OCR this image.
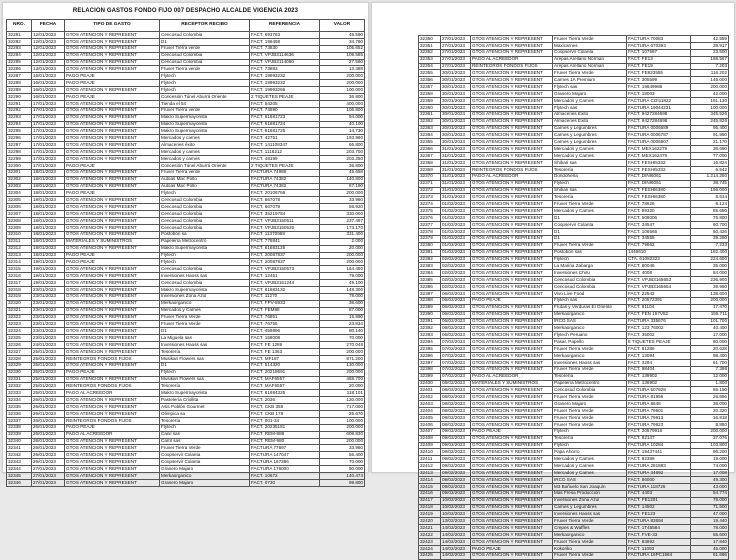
RELACION GASTOS FONDO FIJO 007 DESPACHO ALCALDE VIGENCIA 2023
NRO.	FECHA	TIPO DE GASTO	RECEPTOR RECIBO	REFERENCIA	VALOR
32281	12/01/2023	GTOS ATENCION Y REPRESENT	Cencosud Colombia	FACT. 693763	45.590
32282	12/01/2023	GTOS ATENCION Y REPRESENT	D1	FACT. 196458	34.760
32283	12/01/2023	GTOS ATENCION Y REPRESENT	Fruver Tierra verde	FACT. 73830	105.652
32284	12/01/2023	GTOS ATENCION Y REPRESENT	Cencosud Colombia	FACT. VPJB3114636	109.585
32285	12/01/2023	GTOS ATENCION Y REPRESENT	Cencosud Colombia	FACT. VPJB3114050	27.560
32286	13/01/2023	GTOS ATENCION Y REPRESENT	Fruver Tierra verde	FACT. 73883	13.388
32287	16/01/2023	PAGO PEAJE	Flytech	FACT. 19993232	200.000
32288	16/01/2023	PAGO PEAJE	Flytech	FACT. 19993232	200.000
32289	16/01/2023	GTOS ATENCION Y REPRESENT	Flytech	FACT. 19993266	100.000
32290	16/01/2023	PAGO PEAJE	Concesión Túnel Aburrá Oriente	2 TIQUETES PEAJE	36.800
32291	17/01/2023	GTOS ATENCION Y REPRESENT	Tienda el 54	FACT. 54205	400.000
32292	17/01/2023	GTOS ATENCION Y REPRESENT	Fruver Tierra verde	FACT. 74590	106.800
32293	17/01/2023	GTOS ATENCION Y REPRESENT	Makro Supermayorista	FACT. 61681723	94.000
32294	17/01/2023	GTOS ATENCION Y REPRESENT	Makro Supermayorista	FACT. 61681724	40.100
32295	17/01/2023	GTOS ATENCION Y REPRESENT	Makro Supermayorista	FACT. 61681725	14.730
32296	17/01/2023	GTOS ATENCION Y REPRESENT	Mercados y carnes	FACT. 42751	193.960
32297	17/01/2023	GTOS ATENCION Y REPRESENT	Almacenes éxito	FACT. 141108347	66.800
32298	17/01/2023	GTOS ATENCION Y REPRESENT	Mercados y carnes	FACT. 1118212	203.700
32299	17/01/2023	GTOS ATENCION Y REPRESENT	Mercados y carnes	FACT. 48199	203.250
32300	17/01/2023	PAGO PEAJE	Concesión Túnel Aburrá Oriente	2 TIQUETES PEAJE	36.800
32301	18/01/2023	GTOS ATENCION Y REPRESENT	Fruver Tierra verde	FACTURA 74988	45.658
32302	18/01/2023	GTOS ATENCION Y REPRESENT	Autoas Mac Pollo	FACTURA 74382	140.800
32303	18/01/2023	GTOS ATENCION Y REPRESENT	Autoas Mac Pollo	FACTURA 74382	67.190
32304	18/01/2023	PAGO PEAJE	Flytech	FACT. 20106766	200.000
32305	18/01/2023	GTOS ATENCION Y REPRESENT	Cencosud Colombia	FACT. 667078	33.960
32306	18/01/2023	GTOS ATENCION Y REPRESENT	Cencosud Colombia	FACT. 667079	55.920
32307	18/01/2023	GTOS ATENCION Y REPRESENT	Cencosud Colombia	FACT. 35219784	330.000
32308	18/01/2023	GTOS ATENCION Y REPRESENT	Cencosud Colombia	FACT. VPJB3150511	237.497
32309	18/01/2023	GTOS ATENCION Y REPRESENT	Cencosud Colombia	FACT. VPJB3150530	173.170
32310	18/01/2023	GTOS ATENCION Y REPRESENT	Postobón sa	FACT. 11370969	331.400
32311	18/01/2023	MATERIALES Y SUMINISTROS	Papelería Metrocentro	FACT. 778841	2.000
32312	18/01/2023	GTOS ATENCION Y REPRESENT	Makro Supermayorista	FACT. 61683125	20.000
32313	18/01/2023	PAGO PEAJE	Flytech	FACT. 20087837	200.000
32314	19/01/2023	PAGO PEAJE	Flytech	FACT. 20087837	200.000
32315	19/01/2023	GTOS ATENCION Y REPRESENT	Cencosud Colombia	FACT. VPJB3150573	164.450
32316	19/01/2023	GTOS ATENCION Y REPRESENT	Inversiones Haoss sas	FACT. 12451	79.000
32317	19/01/2023	GTOS ATENCION Y REPRESENT	Cencosud Colombia	FACT. VPJB3151244	49.100
32318	23/01/2023	GTOS ATENCION Y REPRESENT	Makro Supermayorista	FACT. 61683132	148.300
32319	23/01/2023	GTOS ATENCION Y REPRESENT	Inversiones Zona Azul	FACT. 11270	78.000
32320	23/01/2023	GTOS ATENCION Y REPRESENT	Merkaorganico	FACT. FPV-8933	38.600
32321	23/01/2023	GTOS ATENCION Y REPRESENT	Mercados y Carnes	FACT. FEM88	87.000
32322	23/01/2023	GTOS ATENCION Y REPRESENT	Fruver Tierra Verde	FACT. 76851	15.890
32323	23/01/2023	GTOS ATENCION Y REPRESENT	Fruver Tierra Verde	FACT. 76755	23.834
32324	23/01/2023	GTOS ATENCION Y REPRESENT	D1	FACT. 458896	80.140
32325	23/01/2023	GTOS ATENCION Y REPRESENT	La Miguela sas	FACT. 158008	70.000
32326	24/01/2023	GTOS ATENCION Y REPRESENT	Inversiones Haoss sas	FACT. FE 1288	270.048
32327	25/01/2023	GTOS ATENCION Y REPRESENT	Tesorería	FACT. FE 1363	200.000
32328	25/01/2023	REINTEGROS FONDOS FIJOS	Musikari Flowers sas	FACT. MF187	871.200
32329	25/01/2023	GTOS ATENCION Y REPRESENT	D1	FACT. 514320	130.000
32330	25/01/2023	PAGO PEAJE	Flytech	FACT. 20218691	200.000
32331	25/01/2023	GTOS ATENCION Y REPRESENT	Musikari Flowers sas	FACT. MAF6557	468.700
32332	25/01/2023	REINTEGROS FONDOS FIJOS	Tesorería	FACT. MAF6557	20.000
32333	25/01/2023	PAGO AL ACREEDOR	Makro Supermayorista	FACT. 61684325	118.101
32334	26/01/2023	GTOS ATENCION Y REPRESENT	Pastelería Criollita	FACT. 2036	120.000
32335	26/01/2023	GTOS ATENCION Y REPRESENT	Asis Poblón Gourmet	FACT. CKB 358	717.000
32336	26/01/2023	GTOS ATENCION Y REPRESENT	Olimpica sa	FACT. CKB 178	25.670
32337	26/01/2023	REINTEGROS FONDOS FIJOS	Tesorería	FACT. 001-34	100.000
32338	26/01/2023	PAGO PEAJE	Flytech	FACT. 20235181	200.000
32339	26/01/2023	PAGO AL ACREEDOR	Canil sas	FACT. REM-888	608.830
32340	26/01/2023	GTOS ATENCION Y REPRESENT	Carril sas	FACT. REM-980	200.000
32341	26/01/2023	GTOS ATENCION Y REPRESENT	Fruver Tierra Verde	FACTURA 77697	33.960
32342	26/01/2023	GTOS ATENCION Y REPRESENT	Coopservir Colanta	FACTURA 147047	56.400
32343	26/01/2023	GTOS ATENCION Y REPRESENT	Coopservir Colanta	FACTURA 167386	70.000
32344	27/01/2023	GTOS ATENCION Y REPRESENT	Granero Majaro	FACTURA 176000	90.000
32345	27/01/2023	GTOS ATENCION Y REPRESENT	Merkaorganico	FACT. 10672	140.474
32346	27/01/2023	GTOS ATENCION Y REPRESENT	Granero Majaro	FACT. 0730	99.800
32350	27/01/2023	GTOS ATENCION Y REPRESENT	Fruver Tierra Verde	FACTURA 70083	42.559
32351	27/01/2023	GTOS ATENCION Y REPRESENT	Maxicarnes	FACTURA 670393	39.917
32352	27/01/2023	GTOS ATENCION Y REPRESENT	Coopservir Colanta	FACT. 107587	23.500
32353	27/01/2023	PAGO AL ACREEDOR	Arepas Arellano Norman	FACT. FE13	168.567
32354	27/01/2023	REINTEGROS FONDOS FIJOS	Arepas Arellano Norman	FACT. FE19	7.203
32355	30/01/2023	GTOS ATENCION Y REPRESENT	Fruver Tierra Verde	FACT. FE823555	116.202
32356	30/01/2023	GTOS ATENCION Y REPRESENT	Carnes 1A Premium	FACT. 305599	146.000
32357	30/01/2023	GTOS ATENCION Y REPRESENT	Flytech sas	FACT. 19849988	200.000
32358	30/01/2023	GTOS ATENCION Y REPRESENT	Granero Majaro	FACT. 18003	42.000
32359	30/01/2023	GTOS ATENCION Y REPRESENT	Mercados y Carnes	FACTURA COI11822	191.130
32360	30/01/2023	GTOS ATENCION Y REPRESENT	Flytech sas	FACTURA 19044231	100.000
32361	30/01/2023	GTOS ATENCION Y REPRESENT	Almacenes Exito	FACT. 9427284698	345.526
32362	30/01/2023	GTOS ATENCION Y REPRESENT	Almacenes Exito	FACT. 9427284698	245.826
32363	30/01/2023	GTOS ATENCION Y REPRESENT	Carnes y Legumbres	FACTURA 0006689	95.400
32364	30/01/2023	GTOS ATENCION Y REPRESENT	Carnes y Legumbres	FACTURA 0006787	91.950
32365	30/01/2023	GTOS ATENCION Y REPRESENT	Carnes y Legumbres	FACTURA 0006807	21.170
32366	31/01/2023	GTOS ATENCION Y REPRESENT	Mercados y Carnes	FACT. MEX162279	36.690
32367	31/01/2023	GTOS ATENCION Y REPRESENT	Mercados y Carnes	FACT. MEX162479	77.000
32368	31/01/2023	GTOS ATENCION Y REPRESENT	Shibari sas	FACT. FESHI5332	16.824
32369	31/01/2023	REINTEGROS FONDOS FIJOS	Tesorería	FACT. FESHI5332	6.542
32370	31/01/2023	PAGO AL ACREEDOR	Dondoherla	FACT. DINI6061	1.214.250
32371	31/01/2023	GTOS ATENCION Y REPRESENT	Flytech	FACT. DINI6061	38.745
32372	31/01/2023	GTOS ATENCION Y REPRESENT	Shibari sas	FACT. FESHI6380	156.000
32373	31/01/2023	GTOS ATENCION Y REPRESENT	Tesorería	FACT. FESHI6380	8.634
32374	01/02/2023	GTOS ATENCION Y REPRESENT	Fruver Tierra Verde	FACT. 78626	8.124
32375	01/02/2023	GTOS ATENCION Y REPRESENT	Mercados y Carnes	FACT. 99320	55.650
32376	01/02/2023	GTOS ATENCION Y REPRESENT	D1	FACT. 508006	76.800
32377	01/02/2023	GTOS ATENCION Y REPRESENT	Coopservir Colanta	FACT. 34547	60.700
32378	01/02/2023	GTOS ATENCION Y REPRESENT	D1	FACT. 106565	50.426
32379	01/02/2023	GTOS ATENCION Y REPRESENT	D1	FACT. 34555	39.250
32380	01/02/2023	GTOS ATENCION Y REPRESENT	Fruver Tierra Verde	FACT. 79662	7.233
32381	01/02/2023	GTOS ATENCION Y REPRESENT	Postobón sas	1446610	182.400
32382	02/02/2023	GTOS ATENCION Y REPRESENT	Flytech	CTA. 61082323	224.600
32383	02/02/2023	GTOS ATENCION Y REPRESENT	La Marina Zabarga	FACT. 80046	35.000
32384	02/02/2023	GTOS ATENCION Y REPRESENT	Inversiones Chiru	FACT. 4008	84.000
32385	02/02/2023	GTOS ATENCION Y REPRESENT	Cencosud Colombia	FACT. VPJB3165653	236.900
32386	02/02/2023	GTOS ATENCION Y REPRESENT	Cencosud Colombia	FACT. VPJB3165654	39.950
32387	06/02/2023	GTOS ATENCION Y REPRESENT	Vivo Live Food	FACT. 22542	138.600
32388	06/02/2023	PAGO PEAJE	Flytech sas	FACT. 20572391	200.000
32389	06/02/2023	GTOS ATENCION Y REPRESENT	Frutas y Verduras El Oriente	FACT. 81104	17.470
32390	06/02/2023	GTOS ATENCION Y REPRESENT	Merkaorganico	FACT. FEN 157V52	155.711
32391	06/02/2023	GTOS ATENCION Y REPRESENT	IRCO SAS	FACTURA 335676	101.700
32392	06/02/2023	GTOS ATENCION Y REPRESENT	Merkaorganico	FACT. 123 76002	40.400
32393	06/02/2023	GTOS ATENCION Y REPRESENT	Flytech Peruano	FACT. 35002	17.000
32394	07/02/2023	GTOS ATENCION Y REPRESENT	Pasar. Papello	8 TIQUETES PEAJE	80.000
32395	07/02/2023	GTOS ATENCION Y REPRESENT	Fruver Tierra Verde	FACT. 81286	20.628
32396	07/02/2023	GTOS ATENCION Y REPRESENT	Merkaorganico	FACT. 13094	98.400
32397	07/02/2023	GTOS ATENCION Y REPRESENT	Inversiones Haoss sas	FACT. 3294	61.700
32398	07/02/2023	GTOS ATENCION Y REPRESENT	Fruver Tierra Verde	FACT. 98404	7.398
32399	07/02/2023	PAGO AL ACREEDOR	Tesorería	FACT. 139902	12.000
32400	08/02/2023	MATERIALES Y SUMINISTROS	Papelería Metrocentro	FACT. 136902	1.800
32401	08/02/2023	GTOS ATENCION Y REPRESENT	Cencosud Colombia	FACTURA 507928	55.150
32402	08/02/2023	GTOS ATENCION Y REPRESENT	Fruver Tierra Verde	FACTURA 81956	26.596
32403	08/02/2023	GTOS ATENCION Y REPRESENT	Granero Majaro	FACTURA 8648	36.000
32404	08/02/2023	GTOS ATENCION Y REPRESENT	Fruver Tierra Verde	FACTURA 79601	20.320
32405	08/02/2023	GTOS ATENCION Y REPRESENT	Fruver Tierra Verde	FACTURA 79613	16.818
32406	08/02/2023	GTOS ATENCION Y REPRESENT	Fruver Tierra Verde	FACTURA 79623	8.880
32407	09/02/2023	PAGO PEAJE	Flytech	FACT. 20579916	200.000
32408	09/02/2023	GTOS ATENCION Y REPRESENT	Tesorería	FACT. 82147	37.076
32409	09/02/2023	GTOS ATENCION Y REPRESENT	Flytech	FACTURA 10284	103.800
32410	09/02/2023	GTOS ATENCION Y REPRESENT	Papa Ahorro	FACT. 19437441	96.200
32411	09/02/2023	GTOS ATENCION Y REPRESENT	Mercados y Carnes	FACT. 82388	19.000
32412	09/02/2023	GTOS ATENCION Y REPRESENT	Mercados y Carnes	FACTURA 281883	74.000
32413	09/02/2023	GTOS ATENCION Y REPRESENT	Mercados y Carnes	FACTURA 34692	17.008
32414	09/02/2023	GTOS ATENCION Y REPRESENT	IRCO SAS	FACT. 86000	49.300
32415	09/02/2023	GTOS ATENCION Y REPRESENT	M3 Buñuelo San Joaquín	FACTURA 118725	43.000
32416	09/02/2023	GTOS ATENCION Y REPRESENT	Mas Fresa Producción	FACT. 4403	54.774
32417	10/02/2023	GTOS ATENCION Y REPRESENT	Inversiones Zona Azul	FACT. FE1201	78.000
32418	10/02/2023	GTOS ATENCION Y REPRESENT	Carnes y Legumbres	FACT. 14502	71.500
32419	10/02/2023	GTOS ATENCION Y REPRESENT	Inversiones Haoss sas	FACT. FE123	47.000
32420	13/02/2023	GTOS ATENCION Y REPRESENT	Fruver Tierra Verde	FACTURA 83694	19.440
32421	14/02/2023	GTOS ATENCION Y REPRESENT	Crepes & Waffles	FACT. 1T45584	78.000
32422	14/02/2023	GTOS ATENCION Y REPRESENT	Merkaorganico	FACT. FVE-33	55.600
32423	14/02/2023	GTOS ATENCION Y REPRESENT	Fruver Tierra Verde	FACT. 83892	17.840
32424	14/02/2023	PAGO PEAJE	Kokoriko	FACT. 11093	45.000
32425	14/02/2023	GTOS ATENCION Y REPRESENT	Fruver Tierra Verde	FACTURA 16PC1584	51.666
